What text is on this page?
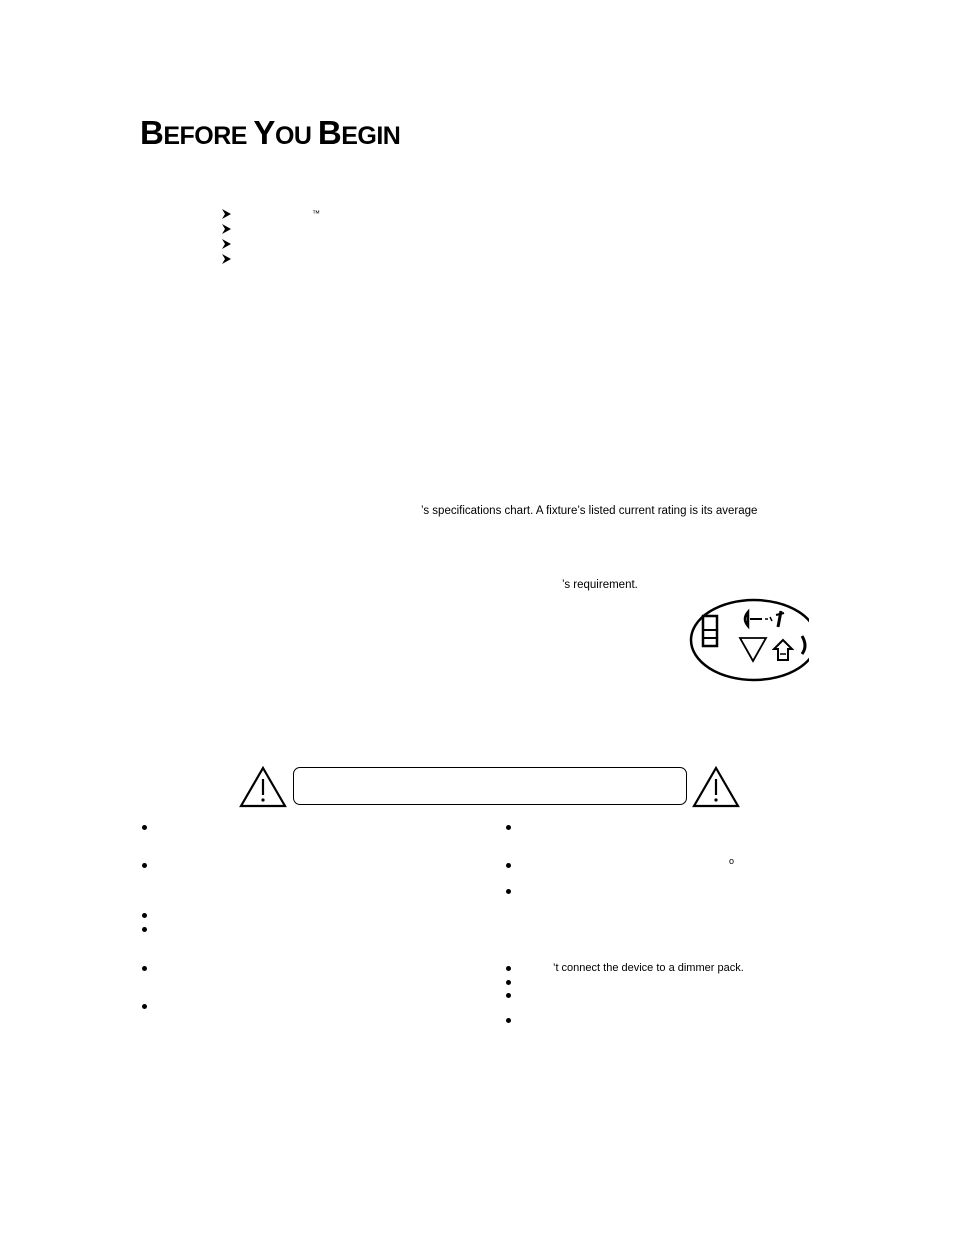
BEFORE YOU BEGIN
™
’s specifications chart. A fixture’s listed current rating is its average
’s requirement.
o
’t connect the device to a dimmer pack.
